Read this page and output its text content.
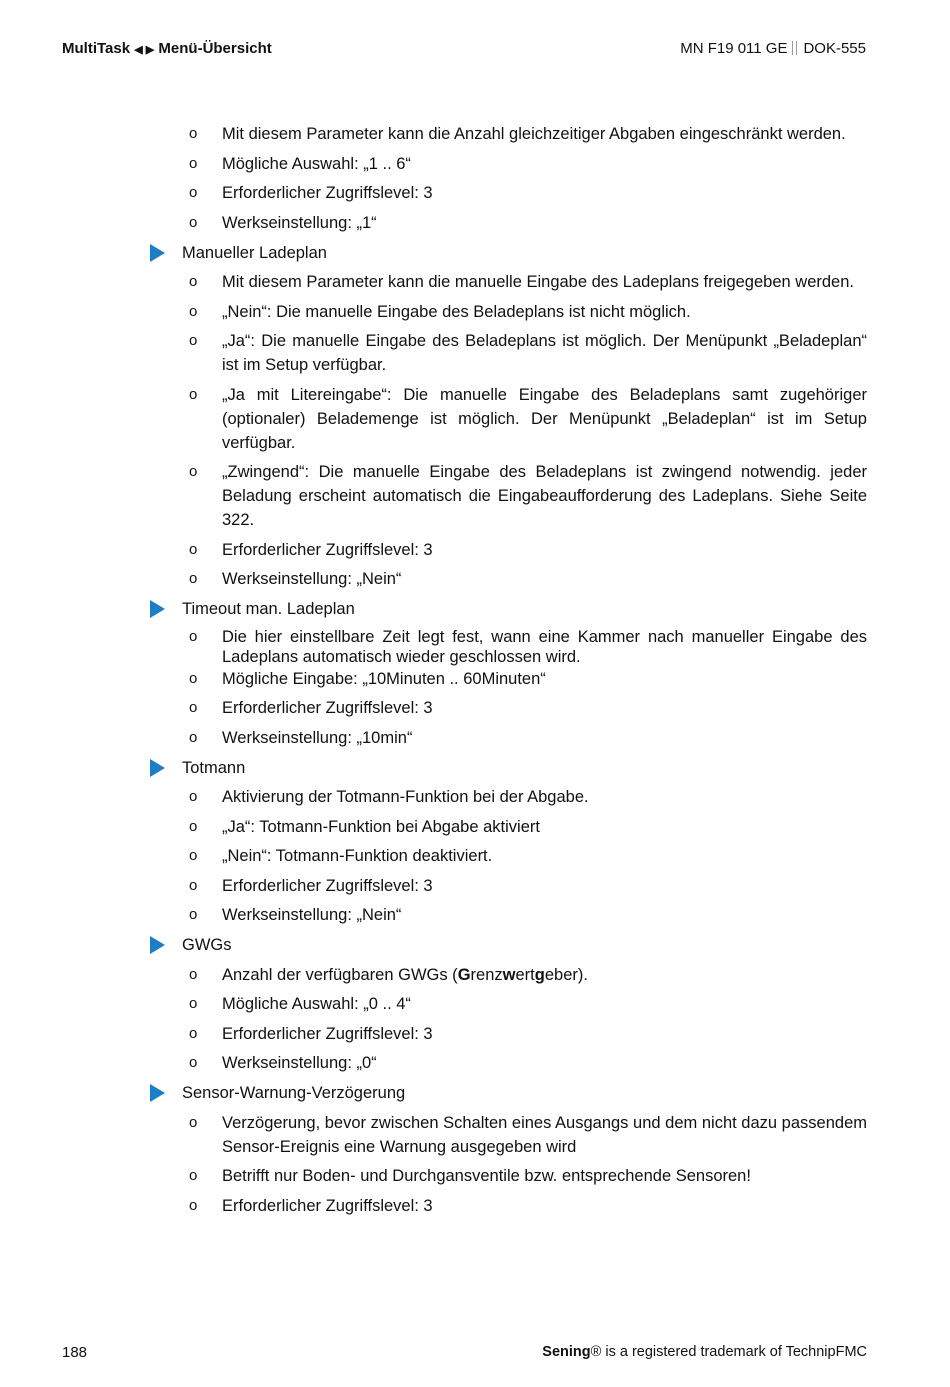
MultiTask ◀ ▶ Menü-Übersicht	MN F19 011 GE DOK-555
o Mit diesem Parameter kann die Anzahl gleichzeitiger Abgaben eingeschränkt werden.
o Mögliche Auswahl: „1 .. 6“
o Erforderlicher Zugriffslevel: 3
o Werkseinstellung: „1“
Manueller Ladeplan
o Mit diesem Parameter kann die manuelle Eingabe des Ladeplans freigegeben werden.
o „Nein“: Die manuelle Eingabe des Beladeplans ist nicht möglich.
o „Ja“: Die manuelle Eingabe des Beladeplans ist möglich. Der Menüpunkt „Beladeplan“ ist im Setup verfügbar.
o „Ja mit Litereingabe“: Die manuelle Eingabe des Beladeplans samt zugehöriger (optionaler) Belademenge ist möglich. Der Menüpunkt „Beladeplan“ ist im Setup verfügbar.
o „Zwingend“: Die manuelle Eingabe des Beladeplans ist zwingend notwendig. jeder Beladung erscheint automatisch die Eingabeaufforderung des Ladeplans. Siehe Seite 322.
o Erforderlicher Zugriffslevel: 3
o Werkseinstellung: „Nein“
Timeout man. Ladeplan
o Die hier einstellbare Zeit legt fest, wann eine Kammer nach manueller Eingabe des Ladeplans automatisch wieder geschlossen wird.
o Mögliche Eingabe: „10Minuten .. 60Minuten“
o Erforderlicher Zugriffslevel: 3
o Werkseinstellung: „10min“
Totmann
o Aktivierung der Totmann-Funktion bei der Abgabe.
o „Ja“: Totmann-Funktion bei Abgabe aktiviert
o „Nein“: Totmann-Funktion deaktiviert.
o Erforderlicher Zugriffslevel: 3
o Werkseinstellung: „Nein“
GWGs
o Anzahl der verfügbaren GWGs (Grenzwertgeber).
o Mögliche Auswahl: „0 .. 4“
o Erforderlicher Zugriffslevel: 3
o Werkseinstellung: „0“
Sensor-Warnung-Verzögerung
o Verzögerung, bevor zwischen Schalten eines Ausgangs und dem nicht dazu passendem Sensor-Ereignis eine Warnung ausgegeben wird
o Betrifft nur Boden- und Durchgansventile bzw. entsprechende Sensoren!
o Erforderlicher Zugriffslevel: 3
188	Sening® is a registered trademark of TechnipFMC
